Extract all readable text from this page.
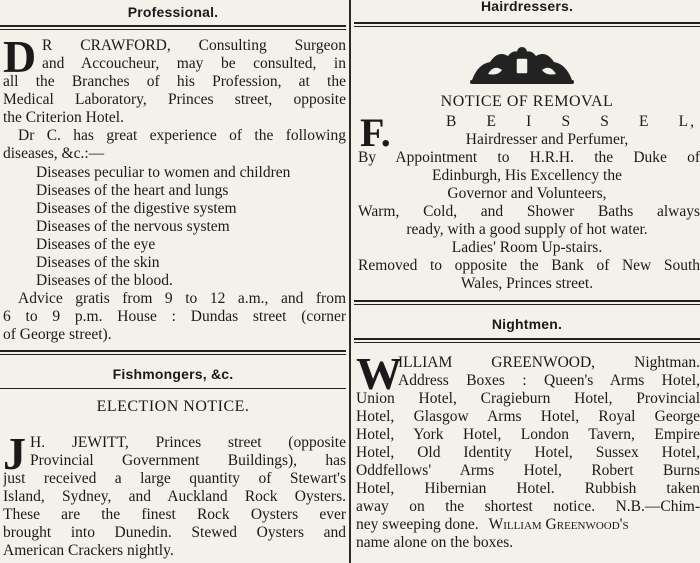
Professional.
D R CRAWFORD, Consulting Surgeon
and Accoucheur, may be consulted, in
all the Branches of his Profession, at the
Medical Laboratory, Princes street, opposite
the Criterion Hotel.
Dr C. has great experience of the following
diseases, &c.:—
Diseases peculiar to women and children
Diseases of the heart and lungs
Diseases of the digestive system
Diseases of the nervous system
Diseases of the eye
Diseases of the skin
Diseases of the blood.
Advice gratis from 9 to 12 a.m., and from
6 to 9 p.m. House : Dundas street (corner
of George street).
Fishmongers, &c.
ELECTION NOTICE.
J H. JEWITT, Princes street (opposite
Provincial Government Buildings), has
just received a large quantity of Stewart's
Island, Sydney, and Auckland Rock Oysters.
These are the finest Rock Oysters ever
brought into Dunedin. Stewed Oysters and
American Crackers nightly.
Hairdressers.
NOTICE OF REMOVAL
F.	B E I S S E L,
Hairdresser and Perfumer,
By Appointment to H.R.H. the Duke of
Edinburgh, His Excellency the
Governor and Volunteers,
Warm, Cold, and Shower Baths always
ready, with a good supply of hot water.
Ladies' Room Up-stairs.
Removed to opposite the Bank of New South
Wales, Princes street.
Nightmen.
W
ILLIAM GREENWOOD, Nightman.
Address Boxes : Queen's Arms Hotel,
Union Hotel, Cragieburn Hotel, Provincial
Hotel, Glasgow Arms Hotel, Royal George
Hotel, York Hotel, London Tavern, Empire
Hotel, Old Identity Hotel, Sussex Hotel,
Oddfellows' Arms Hotel, Robert Burns
Hotel, Hibernian Hotel. Rubbish taken
away on the shortest notice. N.B.—Chim-
ney sweeping done. William Greenwood's
name alone on the boxes.
